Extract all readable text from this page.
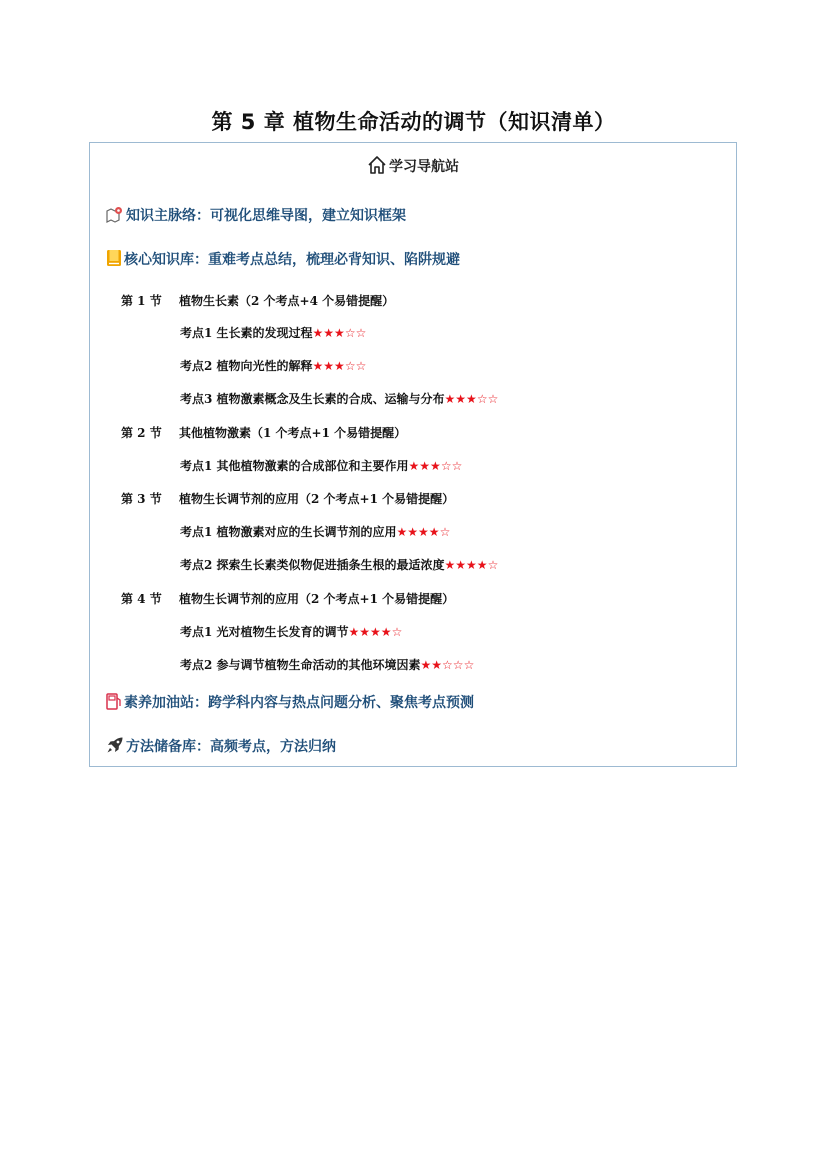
第 5 章 植物生命活动的调节（知识清单）
学习导航站
知识主脉络：可视化思维导图，建立知识框架
核心知识库：重难考点总结，梳理必背知识、陷阱规避
第 1 节 植物生长素（2 个考点+4 个易错提醒）
考点1 生长素的发现过程★★★☆☆
考点2 植物向光性的解释★★★☆☆
考点3 植物激素概念及生长素的合成、运输与分布★★★☆☆
第 2 节 其他植物激素（1 个考点+1 个易错提醒）
考点1 其他植物激素的合成部位和主要作用★★★☆☆
第 3 节 植物生长调节剂的应用（2 个考点+1 个易错提醒）
考点1 植物激素对应的生长调节剂的应用★★★★☆
考点2 探索生长素类似物促进插条生根的最适浓度★★★★☆
第 4 节 植物生长调节剂的应用（2 个考点+1 个易错提醒）
考点1 光对植物生长发育的调节★★★★☆
考点2 参与调节植物生命活动的其他环境因素★★☆☆☆
素养加油站：跨学科内容与热点问题分析、聚焦考点预测
方法储备库：高频考点，方法归纳
